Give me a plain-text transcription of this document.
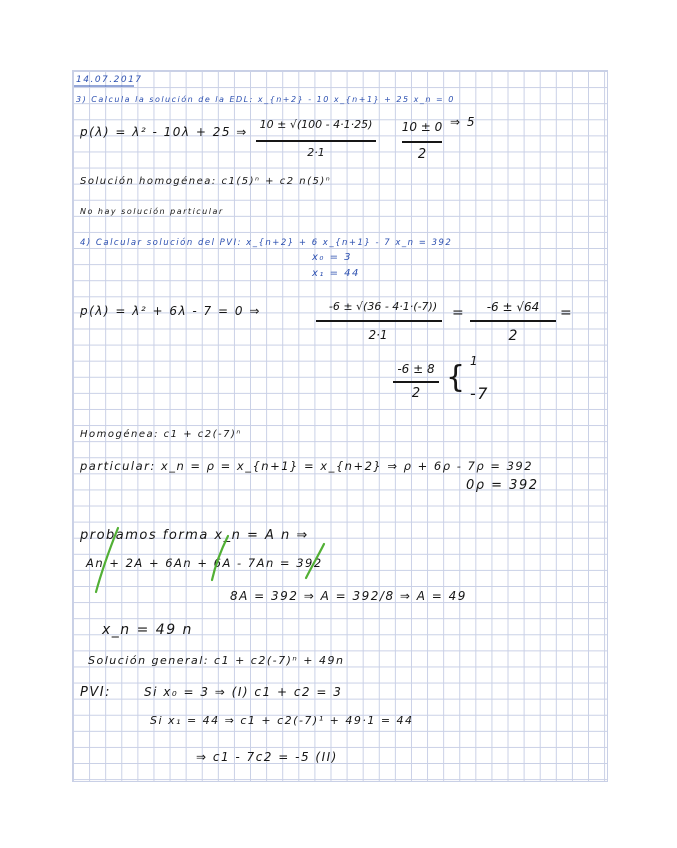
14.07.2017
3) Calcula la solución de la EDL: x_{n+2} - 10 x_{n+1} + 25 x_n = 0
p(λ) = λ² - 10λ + 25 ⇒
10 ± √(100 - 4·1·25)
2·1
10 ± 0
2
⇒ 5
Solución homogénea: c1(5)ⁿ + c2 n(5)ⁿ
No hay solución particular
4) Calcular solución del PVI: x_{n+2} + 6 x_{n+1} - 7 x_n = 392
x₀ = 3
x₁ = 44
p(λ) = λ² + 6λ - 7 = 0 ⇒	-6 ± √(36 - 4·1·(-7))
2·1
=	-6 ± √64
2
=
-6 ± 8
2 { 1
-7
Homogénea: c1 + c2(-7)ⁿ
particular: x_n = ρ = x_{n+1} = x_{n+2} ⇒ ρ + 6ρ - 7ρ = 392
0ρ = 392
probamos forma x_n = A n ⇒
An + 2A + 6An + 6A - 7An = 392
8A = 392 ⇒ A = 392/8 ⇒ A = 49
x_n = 49 n
Solución general: c1 + c2(-7)ⁿ + 49n
PVI:	Si x₀ = 3 ⇒ (I) c1 + c2 = 3
Si x₁ = 44 ⇒ c1 + c2(-7)¹ + 49·1 = 44
⇒ c1 - 7c2 = -5 (II)
